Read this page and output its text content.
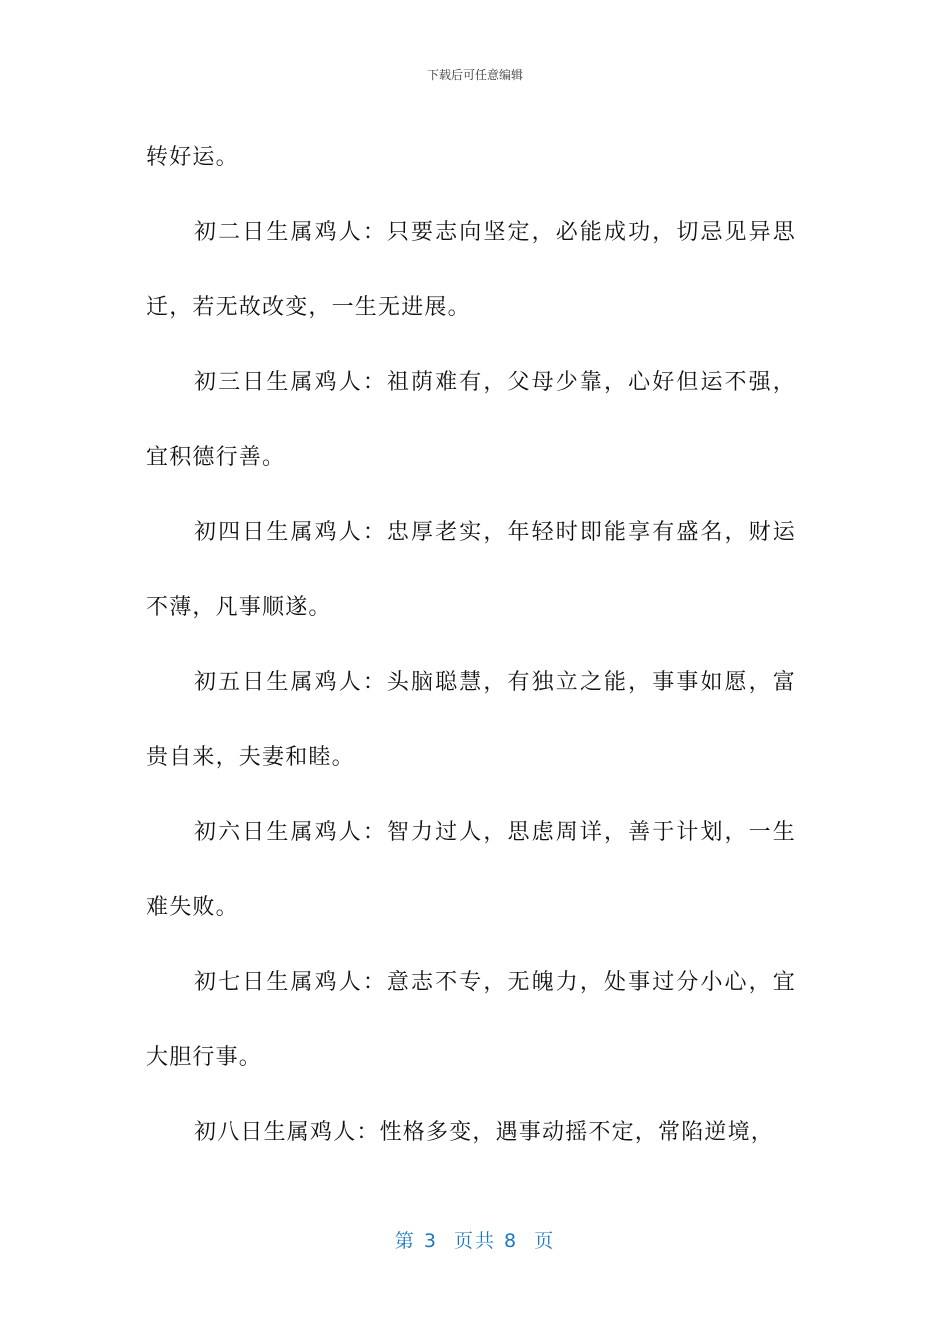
下载后可任意编辑

转好运。

初二日生属鸡人：只要志向坚定，必能成功，切忌见异思迁，若无故改变，一生无进展。

初三日生属鸡人：祖荫难有，父母少靠，心好但运不强，宜积德行善。

初四日生属鸡人：忠厚老实，年轻时即能享有盛名，财运不薄，凡事顺遂。

初五日生属鸡人：头脑聪慧，有独立之能，事事如愿，富贵自来，夫妻和睦。

初六日生属鸡人：智力过人，思虑周详，善于计划，一生难失败。

初七日生属鸡人：意志不专，无魄力，处事过分小心，宜大胆行事。

初八日生属鸡人：性格多变，遇事动摇不定，常陷逆境，

第 3  页共 8  页
